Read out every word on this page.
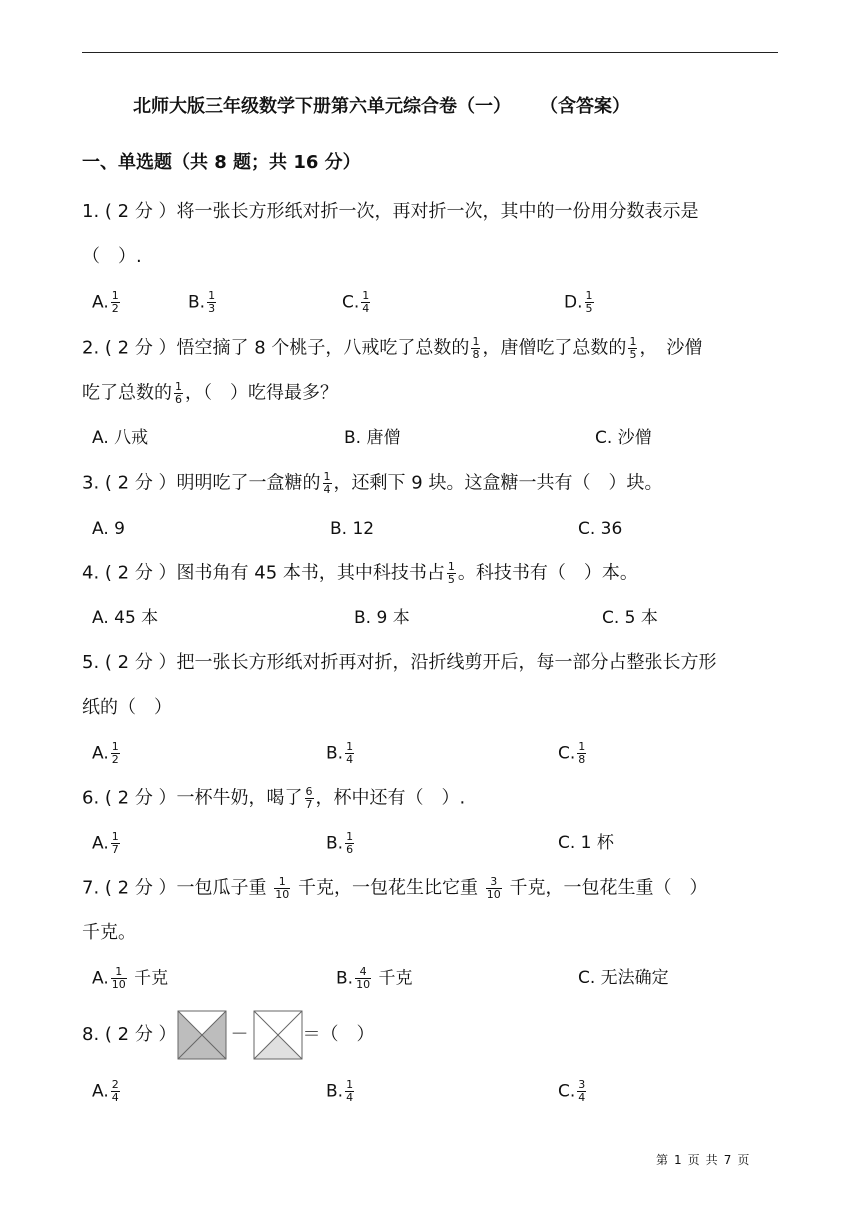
北师大版三年级数学下册第六单元综合卷（一） （含答案）
一、单选题（共 8 题；共 16 分）
1. ( 2 分 ）将一张长方形纸对折一次，再对折一次，其中的一份用分数表示是
（　）.
A. $\frac{1}{2}$	B. $\frac{1}{3}$	C. $\frac{1}{4}$	D. $\frac{1}{5}$
2. ( 2 分 ）悟空摘了 8 个桃子，八戒吃了总数的 $\frac{1}{8}$ ，唐僧吃了总数的 $\frac{1}{5}$ ，　沙僧
吃了总数的 $\frac{1}{6}$ ，（　）吃得最多？
A. 八戒	B. 唐僧	C. 沙僧
3. ( 2 分 ）明明吃了一盒糖的 $\frac{1}{4}$ ，还剩下 9 块。这盒糖一共有（　）块。
A. 9	B. 12	C. 36
4. ( 2 分 ）图书角有 45 本书，其中科技书占 $\frac{1}{5}$ 。科技书有（　）本。
A. 45 本	B. 9 本	C. 5 本
5. ( 2 分 ）把一张长方形纸对折再对折，沿折线剪开后，每一部分占整张长方形
纸的（　）
A. $\frac{1}{2}$	B. $\frac{1}{4}$	C. $\frac{1}{8}$
6. ( 2 分 ）一杯牛奶，喝了 $\frac{6}{7}$ ，杯中还有（　）.
A. $\frac{1}{7}$	B. $\frac{1}{6}$	C. 1 杯
7. ( 2 分 ）一包瓜子重 $\frac{1}{10}$ 千克，一包花生比它重 $\frac{3}{10}$ 千克，一包花生重（　）
千克。
A. $\frac{1}{10}$ 千克	B. $\frac{4}{10}$ 千克	C. 无法确定
8. ( 2 分 ）	－	＝（　）
A. $\frac{2}{4}$	B. $\frac{1}{4}$	C. $\frac{3}{4}$
第 1 页 共 7 页
